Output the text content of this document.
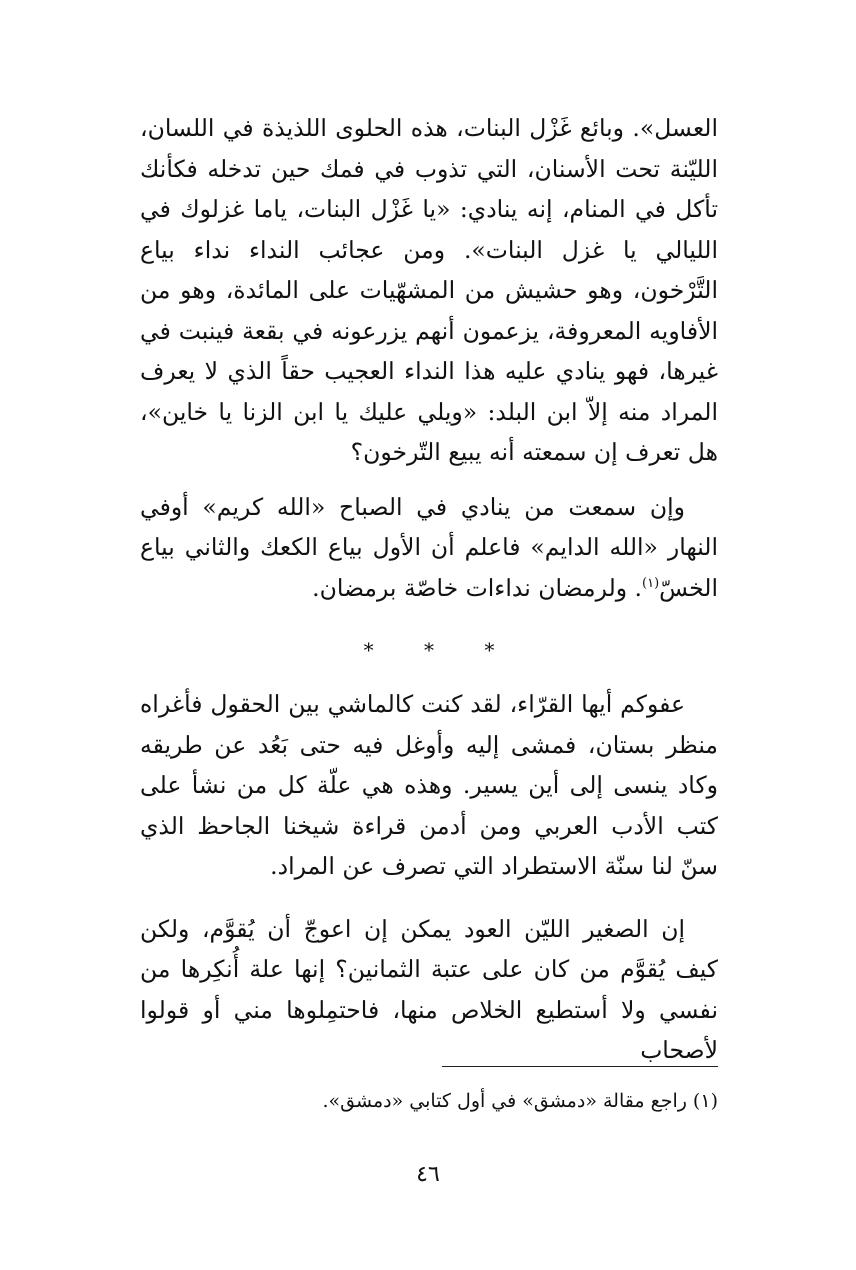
العسل». وبائع غَزْل البنات، هذه الحلوى اللذيذة في اللسان، الليّنة تحت الأسنان، التي تذوب في فمك حين تدخله فكأنك تأكل في المنام، إنه ينادي: «يا غَزْل البنات، ياما غزلوك في الليالي يا غزل البنات». ومن عجائب النداء نداء بياع التَّرْخون، وهو حشيش من المشهّيات على المائدة، وهو من الأفاويه المعروفة، يزعمون أنهم يزرعونه في بقعة فينبت في غيرها، فهو ينادي عليه هذا النداء العجيب حقاً الذي لا يعرف المراد منه إلاّ ابن البلد: «ويلي عليك يا ابن الزنا يا خاين»، هل تعرف إن سمعته أنه يبيع التّرخون؟

وإن سمعت من ينادي في الصباح «الله كريم» أوفي النهار «الله الدايم» فاعلم أن الأول بياع الكعك والثاني بياع الخسّ$^{(١)}$. ولرمضان نداءات خاصّة برمضان.

* * *

عفوكم أيها القرّاء، لقد كنت كالماشي بين الحقول فأغراه منظر بستان، فمشى إليه وأوغل فيه حتى بَعُد عن طريقه وكاد ينسى إلى أين يسير. وهذه هي علّة كل من نشأ على كتب الأدب العربي ومن أدمن قراءة شيخنا الجاحظ الذي سنّ لنا سنّة الاستطراد التي تصرف عن المراد.

إن الصغير الليّن العود يمكن إن اعوجّ أن يُقوَّم، ولكن كيف يُقوَّم من كان على عتبة الثمانين؟ إنها علة أُنكِرها من نفسي ولا أستطيع الخلاص منها، فاحتمِلوها مني أو قولوا لأصحاب

(١) راجع مقالة «دمشق» في أول كتابي «دمشق».

٤٦
